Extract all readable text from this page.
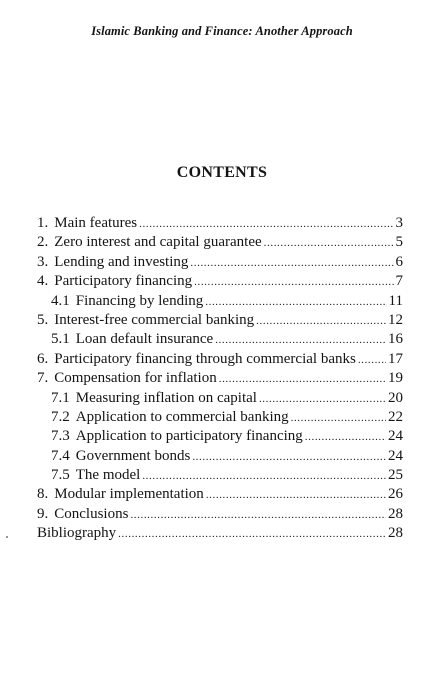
Islamic Banking and Finance: Another Approach
CONTENTS
1. Main features .....	3
2. Zero interest and capital guarantee .....	5
3. Lending and investing .....	6
4. Participatory financing .....	7
4.1 Financing by lending .....	11
5. Interest-free commercial banking .....	12
5.1 Loan default insurance .....	16
6. Participatory financing through commercial banks ..... 17
7. Compensation for inflation .....	19
7.1 Measuring inflation on capital .....	20
7.2 Application to commercial banking .....	22
7.3 Application to participatory financing .....	24
7.4 Government bonds .....	24
7.5 The model .....	25
8. Modular implementation .....	26
9. Conclusions .....	28
Bibliography .....	28
